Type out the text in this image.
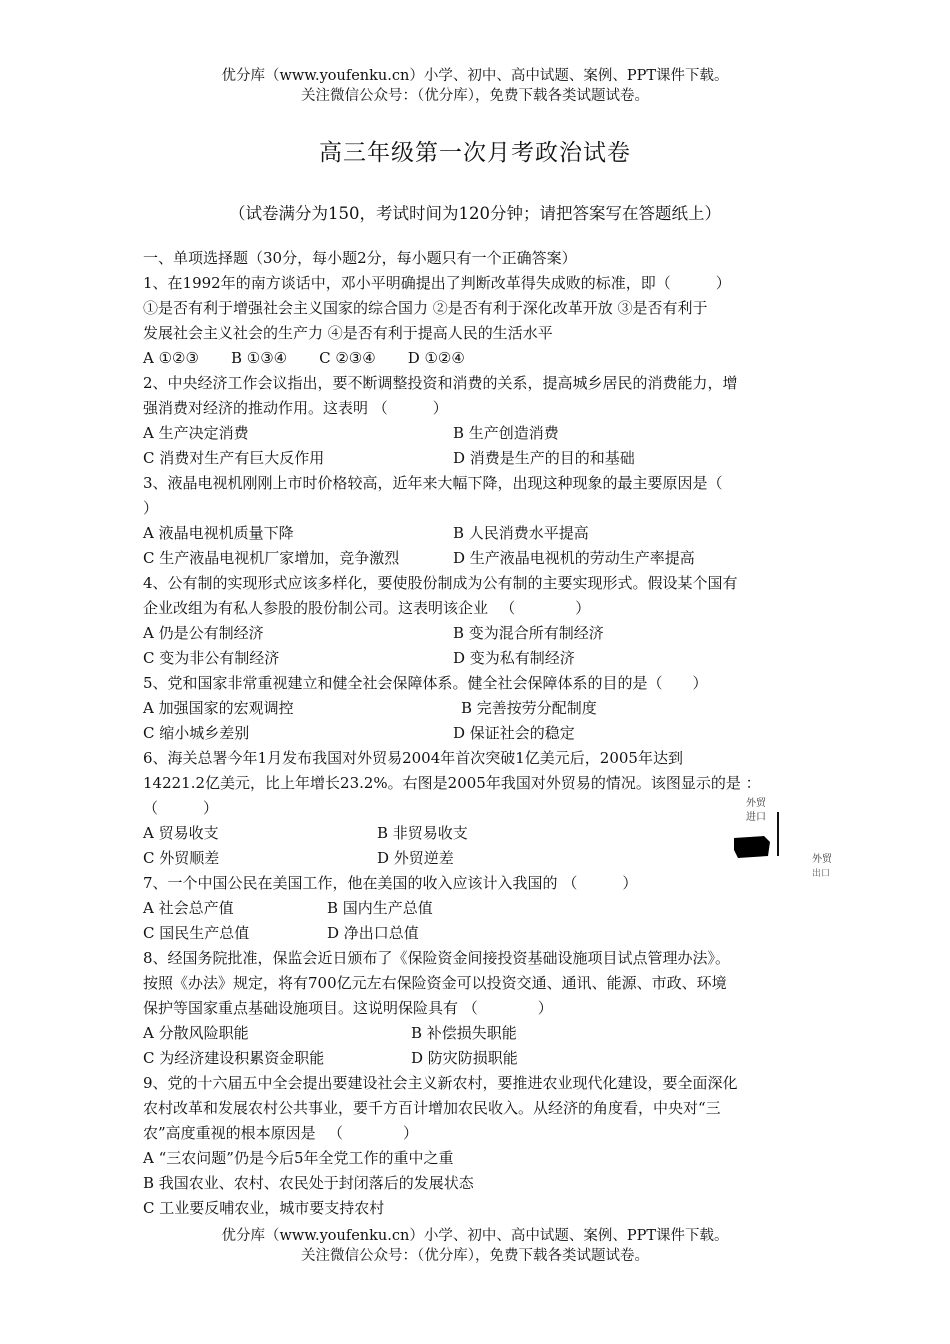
优分库（www.youfenku.cn）小学、初中、高中试题、案例、PPT课件下载。
关注微信公众号：（优分库），免费下载各类试题试卷。
高三年级第一次月考政治试卷
（试卷满分为150，考试时间为120分钟；请把答案写在答题纸上）
一、单项选择题（30分，每小题2分，每小题只有一个正确答案）
1、在1992年的南方谈话中，邓小平明确提出了判断改革得失成败的标准，即（　　　）
①是否有利于增强社会主义国家的综合国力 ②是否有利于深化改革开放 ③是否有利于
发展社会主义社会的生产力 ④是否有利于提高人民的生活水平
A ①②③ B ①③④ C ②③④ D ①②④
2、中央经济工作会议指出，要不断调整投资和消费的关系，提高城乡居民的消费能力，增
强消费对经济的推动作用。这表明 （　　　）
A 生产决定消费	B 生产创造消费
C 消费对生产有巨大反作用	D 消费是生产的目的和基础
3、液晶电视机刚刚上市时价格较高，近年来大幅下降，出现这种现象的最主要原因是（
）
A 液晶电视机质量下降	B 人民消费水平提高
C 生产液晶电视机厂家增加，竞争激烈	D 生产液晶电视机的劳动生产率提高
4、公有制的实现形式应该多样化，要使股份制成为公有制的主要实现形式。假设某个国有
企业改组为有私人参股的股份制公司。这表明该企业 　（　　　　）
A 仍是公有制经济	B 变为混合所有制经济
C 变为非公有制经济	D 变为私有制经济
5、党和国家非常重视建立和健全社会保障体系。健全社会保障体系的目的是（　　）
A 加强国家的宏观调控	B 完善按劳分配制度
C 缩小城乡差别	D 保证社会的稳定
6、海关总署今年1月发布我国对外贸易2004年首次突破1亿美元后，2005年达到
14221.2亿美元，比上年增长23.2%。右图是2005年我国对外贸易的情况。该图显示的是 ：
（　　　）
A 贸易收支	B 非贸易收支
C 外贸顺差	D 外贸逆差
7、一个中国公民在美国工作，他在美国的收入应该计入我国的 （　　　）
A 社会总产值	B 国内生产总值
C 国民生产总值	D 净出口总值
8、经国务院批准，保监会近日颁布了《保险资金间接投资基础设施项目试点管理办法》。
按照《办法》规定，将有700亿元左右保险资金可以投资交通、通讯、能源、市政、环境
保护等国家重点基础设施项目。这说明保险具有 （　　　　）
A 分散风险职能	B 补偿损失职能
C 为经济建设积累资金职能	D 防灾防损职能
9、党的十六届五中全会提出要建设社会主义新农村，要推进农业现代化建设，要全面深化
农村改革和发展农村公共事业，要千方百计增加农民收入。从经济的角度看，中央对“三
农”高度重视的根本原因是 　（　　　　）
A “三农问题”仍是今后5年全党工作的重中之重
B 我国农业、农村、农民处于封闭落后的发展状态
C 工业要反哺农业，城市要支持农村
外贸
进口
外贸
出口
优分库（www.youfenku.cn）小学、初中、高中试题、案例、PPT课件下载。
关注微信公众号：（优分库），免费下载各类试题试卷。
